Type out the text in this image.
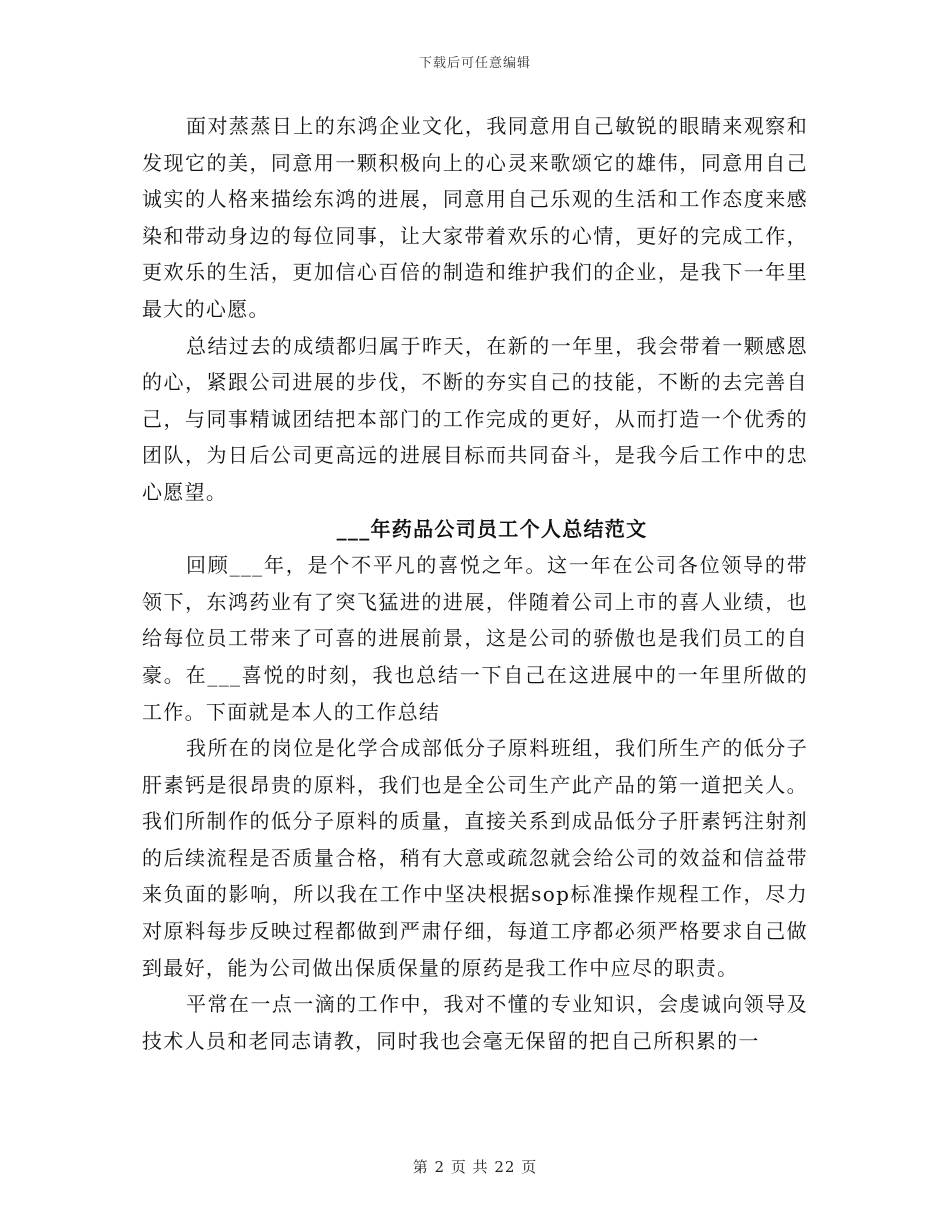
下载后可任意编辑

面对蒸蒸日上的东鸿企业文化，我同意用自己敏锐的眼睛来观察和发现它的美，同意用一颗积极向上的心灵来歌颂它的雄伟，同意用自己诚实的人格来描绘东鸿的进展，同意用自己乐观的生活和工作态度来感染和带动身边的每位同事，让大家带着欢乐的心情，更好的完成工作，更欢乐的生活，更加信心百倍的制造和维护我们的企业，是我下一年里最大的心愿。

总结过去的成绩都归属于昨天，在新的一年里，我会带着一颗感恩的心，紧跟公司进展的步伐，不断的夯实自己的技能，不断的去完善自己，与同事精诚团结把本部门的工作完成的更好，从而打造一个优秀的团队，为日后公司更高远的进展目标而共同奋斗，是我今后工作中的忠心愿望。

___年药品公司员工个人总结范文

回顾___年，是个不平凡的喜悦之年。这一年在公司各位领导的带领下，东鸿药业有了突飞猛进的进展，伴随着公司上市的喜人业绩，也给每位员工带来了可喜的进展前景，这是公司的骄傲也是我们员工的自豪。在___喜悦的时刻，我也总结一下自己在这进展中的一年里所做的工作。下面就是本人的工作总结

我所在的岗位是化学合成部低分子原料班组，我们所生产的低分子肝素钙是很昂贵的原料，我们也是全公司生产此产品的第一道把关人。我们所制作的低分子原料的质量，直接关系到成品低分子肝素钙注射剂的后续流程是否质量合格，稍有大意或疏忽就会给公司的效益和信益带来负面的影响，所以我在工作中坚决根据sop标准操作规程工作，尽力对原料每步反映过程都做到严肃仔细，每道工序都必须严格要求自己做到最好，能为公司做出保质保量的原药是我工作中应尽的职责。

平常在一点一滴的工作中，我对不懂的专业知识，会虔诚向领导及技术人员和老同志请教，同时我也会毫无保留的把自己所积累的一

第 2 页 共 22 页
